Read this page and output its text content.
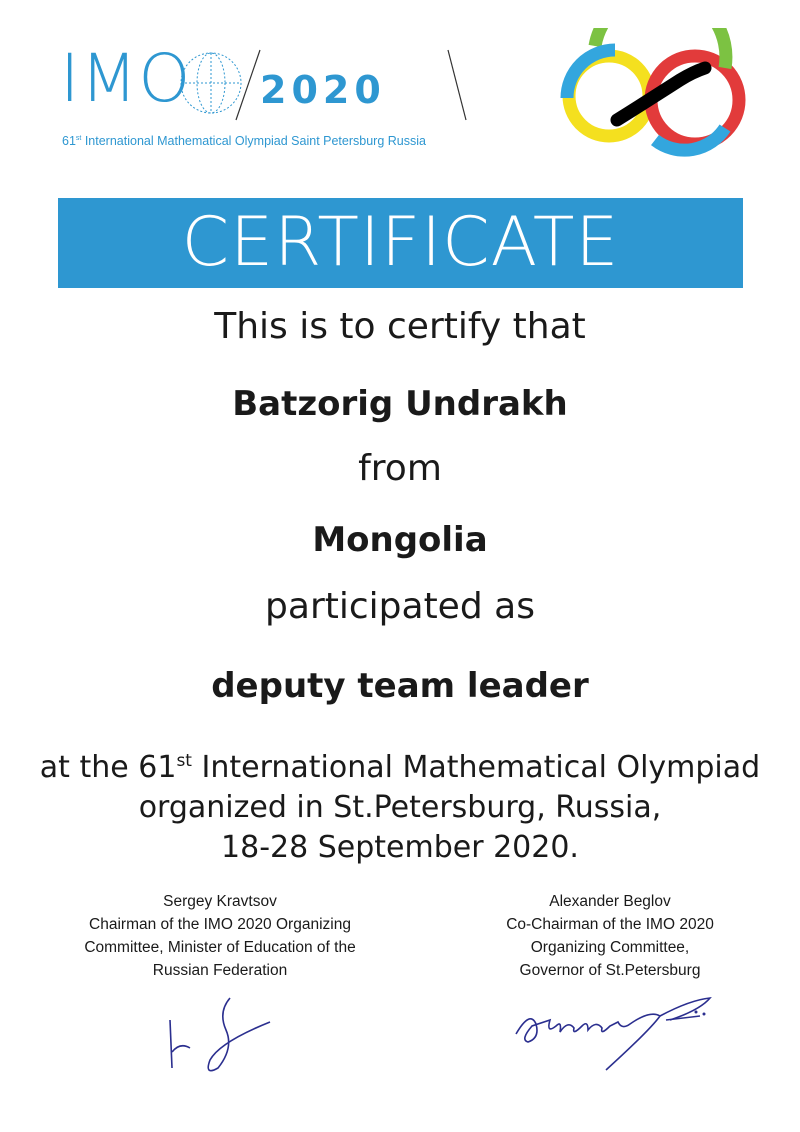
IMO 2020
61st International Mathematical Olympiad Saint Petersburg Russia
CERTIFICATE
This is to certify that
Batzorig Undrakh
from
Mongolia
participated as
deputy team leader
at the 61st International Mathematical Olympiad
organized in St.Petersburg, Russia,
18-28 September 2020.
Sergey Kravtsov
Chairman of the IMO 2020 Organizing
Committee, Minister of Education of the
Russian Federation
Alexander Beglov
Co-Chairman of the IMO 2020
Organizing Committee,
Governor of St.Petersburg
